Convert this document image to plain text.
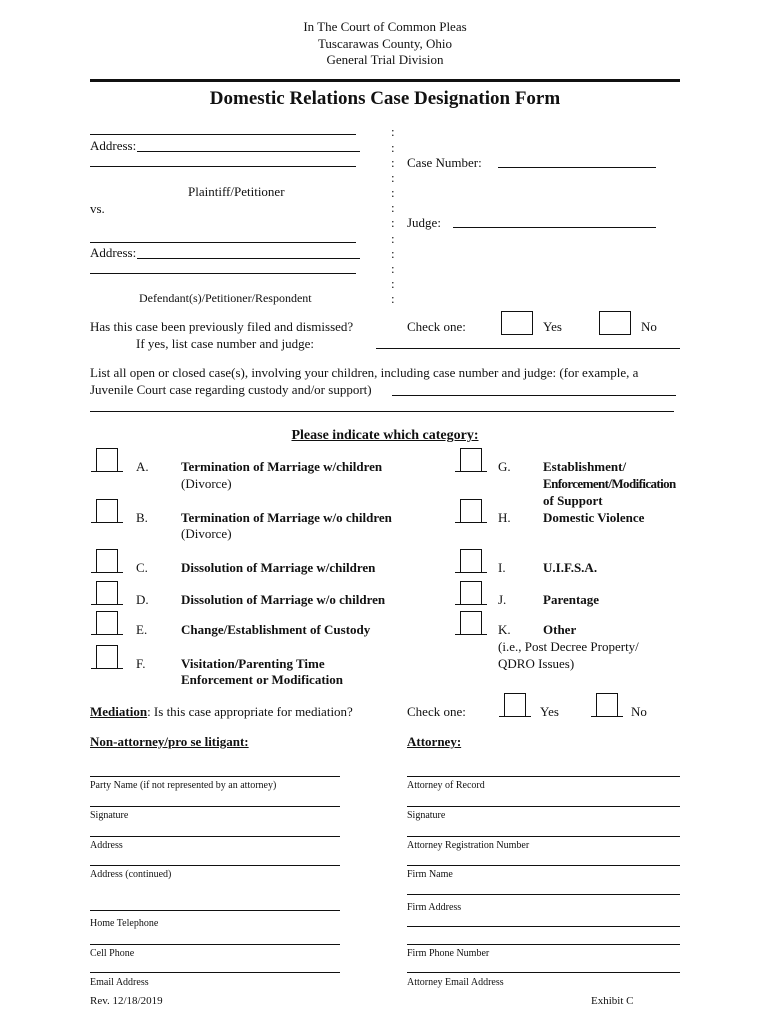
In The Court of Common Pleas
Tuscarawas County, Ohio
General Trial Division
Domestic Relations Case Designation Form
Address:
Plaintiff/Petitioner
vs.
Address:
Defendant(s)/Petitioner/Respondent
:
:
:
:
:
:
:
:
:
:
:
:
Case Number:
Judge:
Has this case been previously filed and dismissed?	Check one:	Yes	No
If yes, list case number and judge:
List all open or closed case(s), involving your children, including case number and judge: (for example, a
Juvenile Court case regarding custody and/or support)
Please indicate which category:
A. Termination of Marriage w/children
(Divorce)
B.	Termination of Marriage w/o children
(Divorce)
C.	Dissolution of Marriage w/children
D. Dissolution of Marriage w/o children
E.	Change/Establishment of Custody
F.	Visitation/Parenting Time
Enforcement or Modification
G. Establishment/
Enforcement/Modification
of Support
H. Domestic Violence
I.	U.I.F.S.A.
J.	Parentage
K. Other
(i.e., Post Decree Property/
QDRO Issues)
Mediation: Is this case appropriate for mediation?	Check one:	Yes	No
Non-attorney/pro se litigant:	Attorney:
Party Name (if not represented by an attorney)
Signature
Address
Address (continued)
Home Telephone
Cell Phone
Email Address
Attorney of Record
Signature
Attorney Registration Number
Firm Name
Firm Address
Firm Phone Number
Attorney Email Address
Rev. 12/18/2019	Exhibit C
